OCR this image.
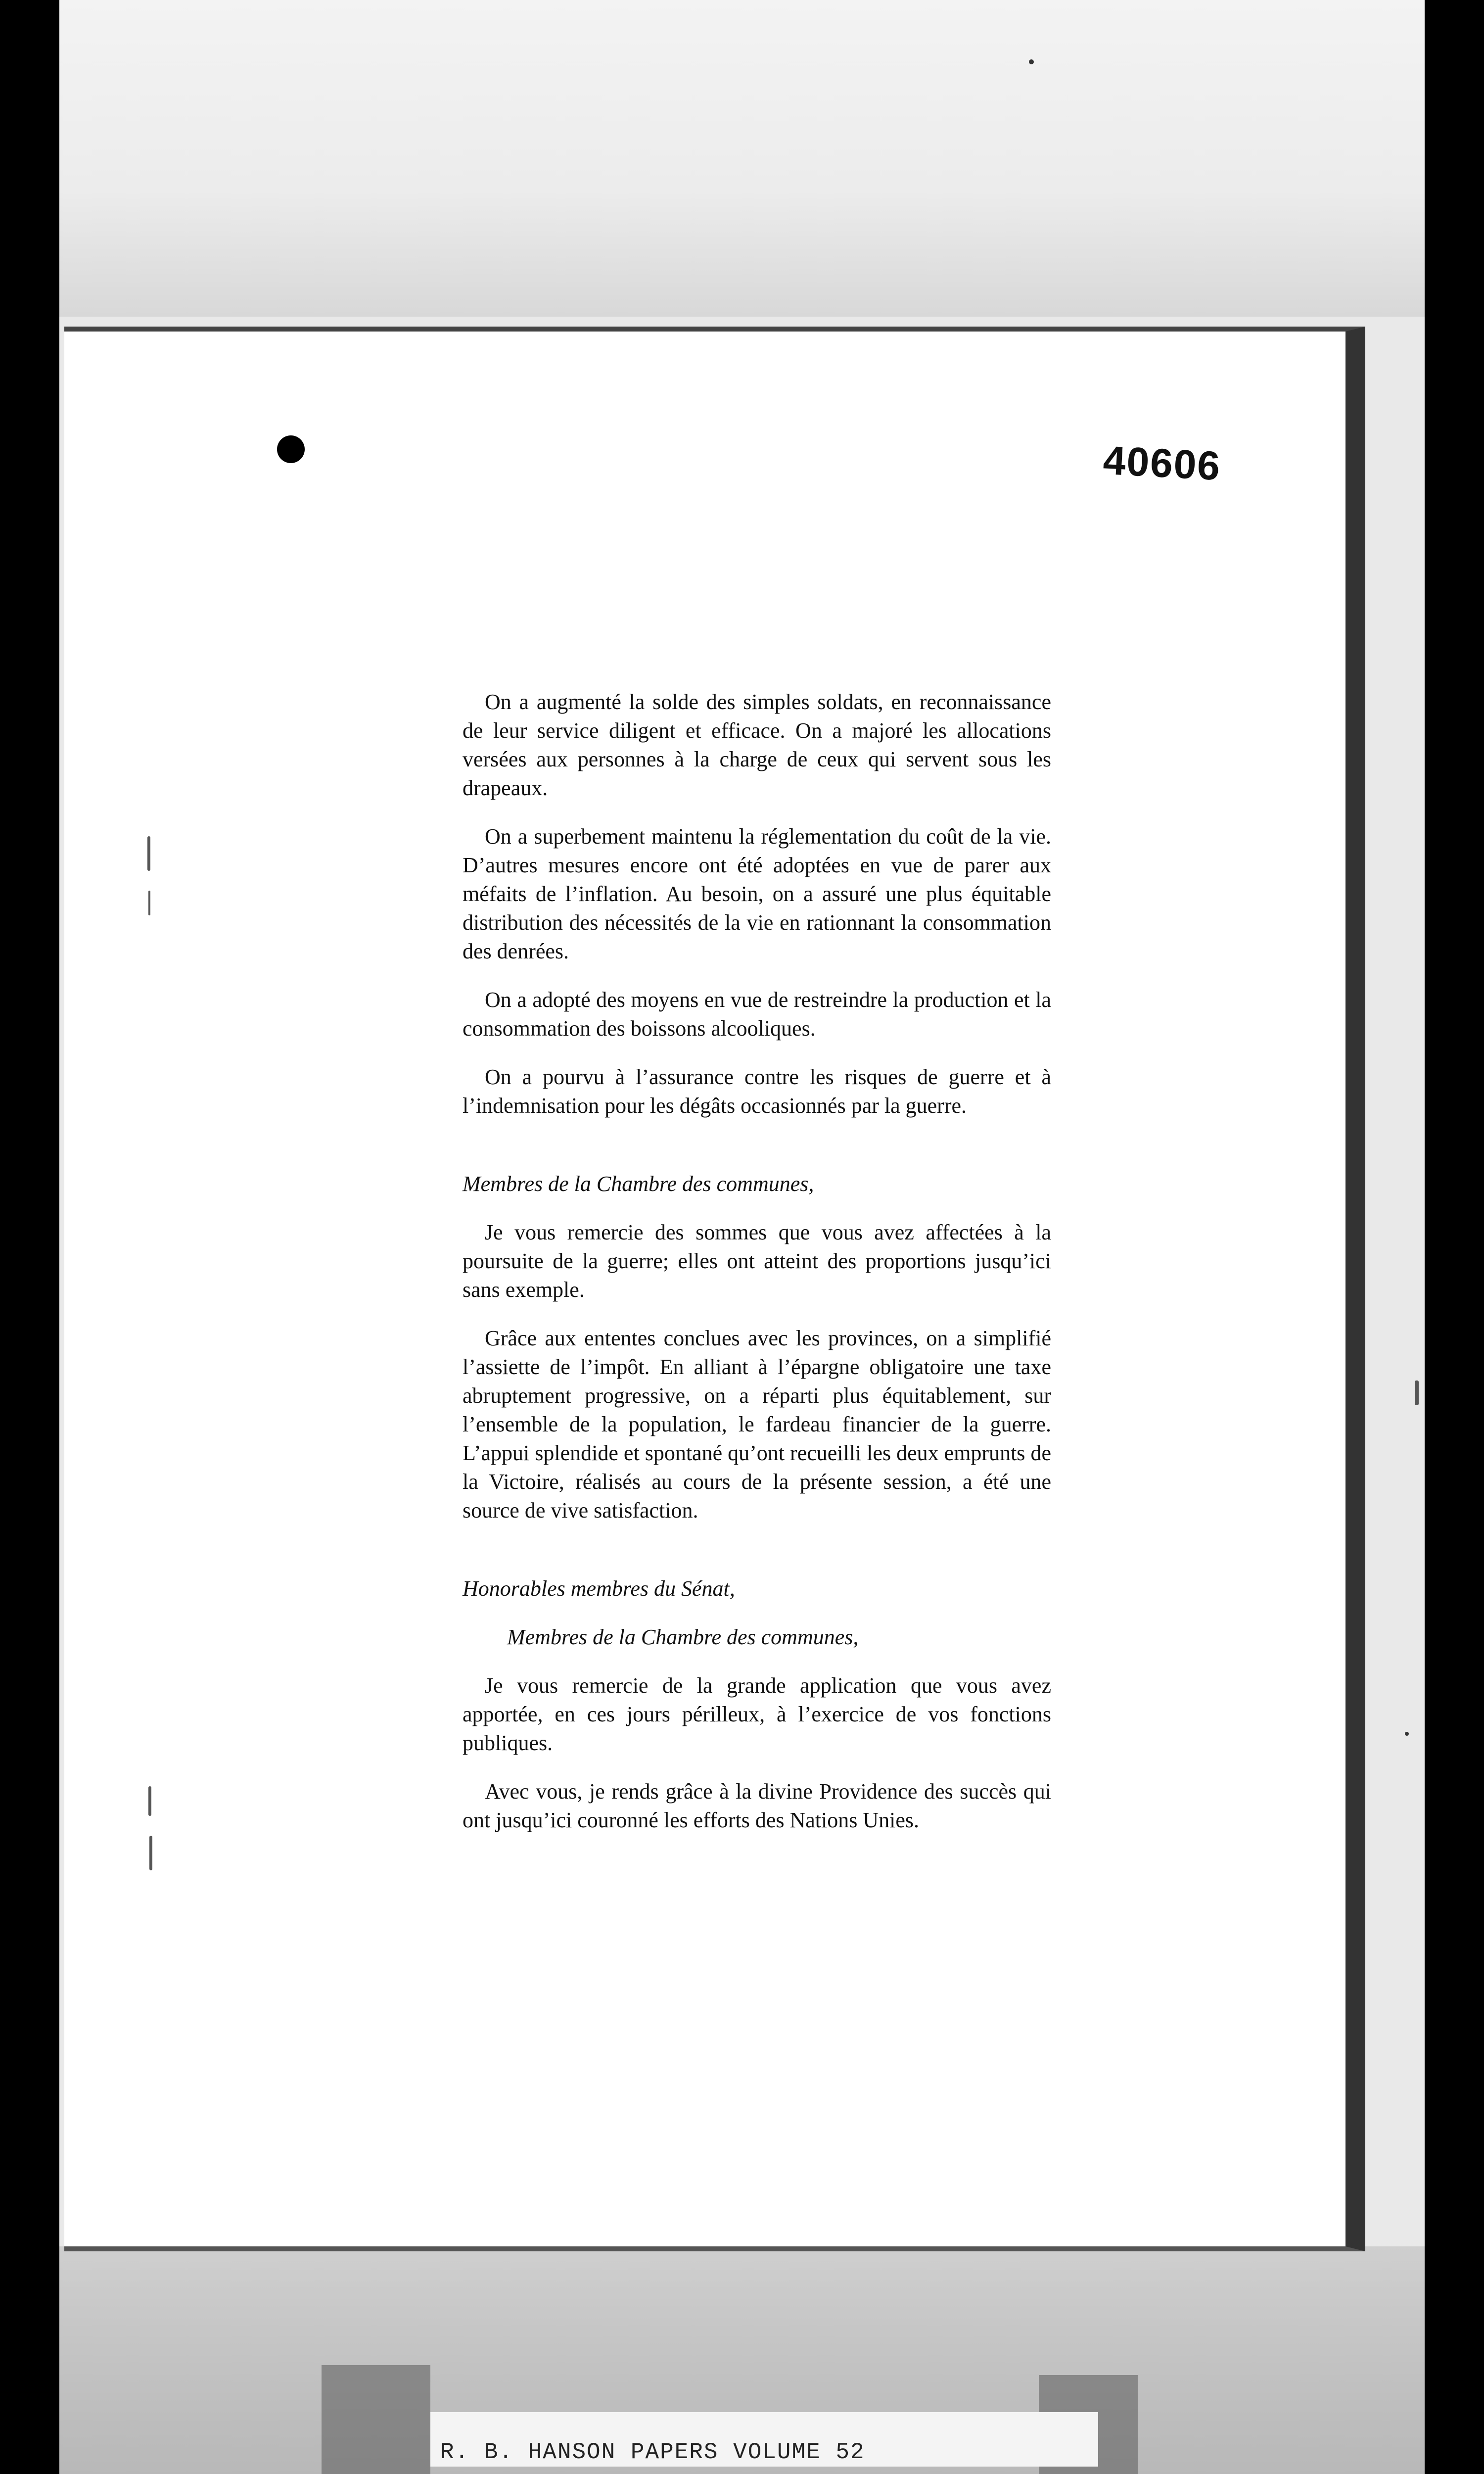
40606

On a augmenté la solde des simples soldats, en reconnaissance de leur service diligent et efficace. On a majoré les allocations versées aux personnes à la charge de ceux qui servent sous les drapeaux.

On a superbement maintenu la réglementation du coût de la vie. D’autres mesures encore ont été adoptées en vue de parer aux méfaits de l’inflation. Au besoin, on a assuré une plus équitable distribution des nécessités de la vie en rationnant la consommation des denrées.

On a adopté des moyens en vue de restreindre la production et la consommation des boissons alcooliques.

On a pourvu à l’assurance contre les risques de guerre et à l’indemnisation pour les dégâts occasionnés par la guerre.

Membres de la Chambre des communes,

Je vous remercie des sommes que vous avez affectées à la poursuite de la guerre; elles ont atteint des proportions jusqu’ici sans exemple.

Grâce aux ententes conclues avec les provinces, on a simplifié l’assiette de l’impôt. En alliant à l’épargne obligatoire une taxe abruptement progressive, on a réparti plus équitablement, sur l’ensemble de la population, le fardeau financier de la guerre. L’appui splendide et spontané qu’ont recueilli les deux emprunts de la Victoire, réalisés au cours de la présente session, a été une source de vive satisfaction.

Honorables membres du Sénat,

Membres de la Chambre des communes,

Je vous remercie de la grande application que vous avez apportée, en ces jours périlleux, à l’exercice de vos fonctions publiques.

Avec vous, je rends grâce à la divine Providence des succès qui ont jusqu’ici couronné les efforts des Nations Unies.

R. B. HANSON PAPERS VOLUME 52
